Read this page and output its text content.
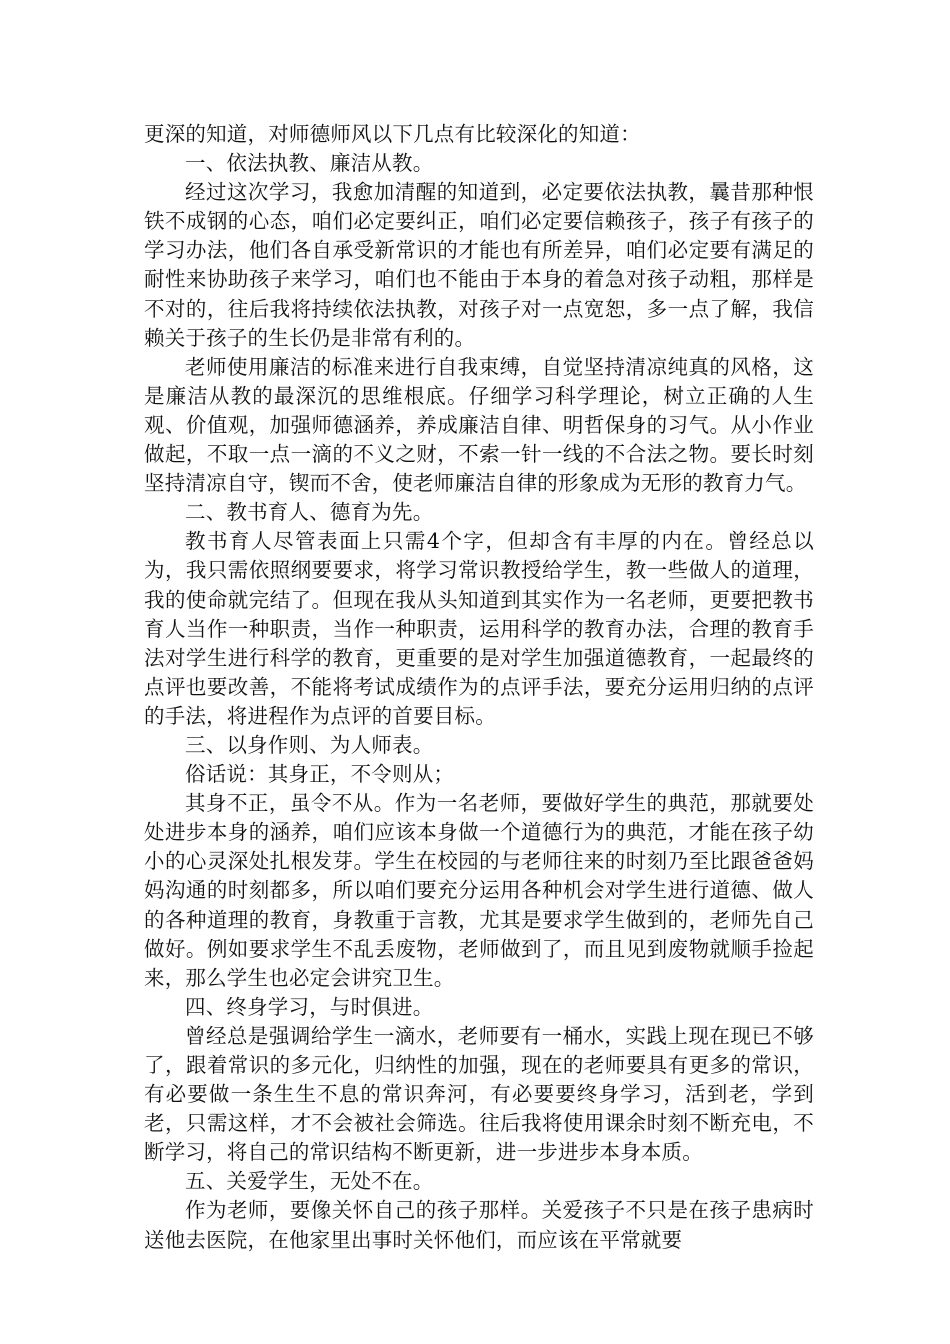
更深的知道，对师德师风以下几点有比较深化的知道：

一、依法执教、廉洁从教。

经过这次学习，我愈加清醒的知道到，必定要依法执教，曩昔那种恨铁不成钢的心态，咱们必定要纠正，咱们必定要信赖孩子，孩子有孩子的学习办法，他们各自承受新常识的才能也有所差异，咱们必定要有满足的耐性来协助孩子来学习，咱们也不能由于本身的着急对孩子动粗，那样是不对的，往后我将持续依法执教，对孩子对一点宽恕，多一点了解，我信赖关于孩子的生长仍是非常有利的。

老师使用廉洁的标准来进行自我束缚，自觉坚持清凉纯真的风格，这是廉洁从教的最深沉的思维根底。仔细学习科学理论，树立正确的人生观、价值观，加强师德涵养，养成廉洁自律、明哲保身的习气。从小作业做起，不取一点一滴的不义之财，不索一针一线的不合法之物。要长时刻坚持清凉自守，锲而不舍，使老师廉洁自律的形象成为无形的教育力气。

二、教书育人、德育为先。

教书育人尽管表面上只需4个字，但却含有丰厚的内在。曾经总以为，我只需依照纲要要求，将学习常识教授给学生，教一些做人的道理，我的使命就完结了。但现在我从头知道到其实作为一名老师，更要把教书育人当作一种职责，当作一种职责，运用科学的教育办法，合理的教育手法对学生进行科学的教育，更重要的是对学生加强道德教育，一起最终的点评也要改善，不能将考试成绩作为的点评手法，要充分运用归纳的点评的手法，将进程作为点评的首要目标。

三、以身作则、为人师表。

俗话说：其身正，不令则从；

其身不正，虽令不从。作为一名老师，要做好学生的典范，那就要处处进步本身的涵养，咱们应该本身做一个道德行为的典范，才能在孩子幼小的心灵深处扎根发芽。学生在校园的与老师往来的时刻乃至比跟爸爸妈妈沟通的时刻都多，所以咱们要充分运用各种机会对学生进行道德、做人的各种道理的教育，身教重于言教，尤其是要求学生做到的，老师先自己做好。例如要求学生不乱丢废物，老师做到了，而且见到废物就顺手捡起来，那么学生也必定会讲究卫生。

四、终身学习，与时俱进。

曾经总是强调给学生一滴水，老师要有一桶水，实践上现在现已不够了，跟着常识的多元化，归纳性的加强，现在的老师要具有更多的常识，有必要做一条生生不息的常识奔河，有必要要终身学习，活到老，学到老，只需这样，才不会被社会筛选。往后我将使用课余时刻不断充电，不断学习，将自己的常识结构不断更新，进一步进步本身本质。

五、关爱学生，无处不在。

作为老师，要像关怀自己的孩子那样。关爱孩子不只是在孩子患病时送他去医院，在他家里出事时关怀他们，而应该在平常就要
